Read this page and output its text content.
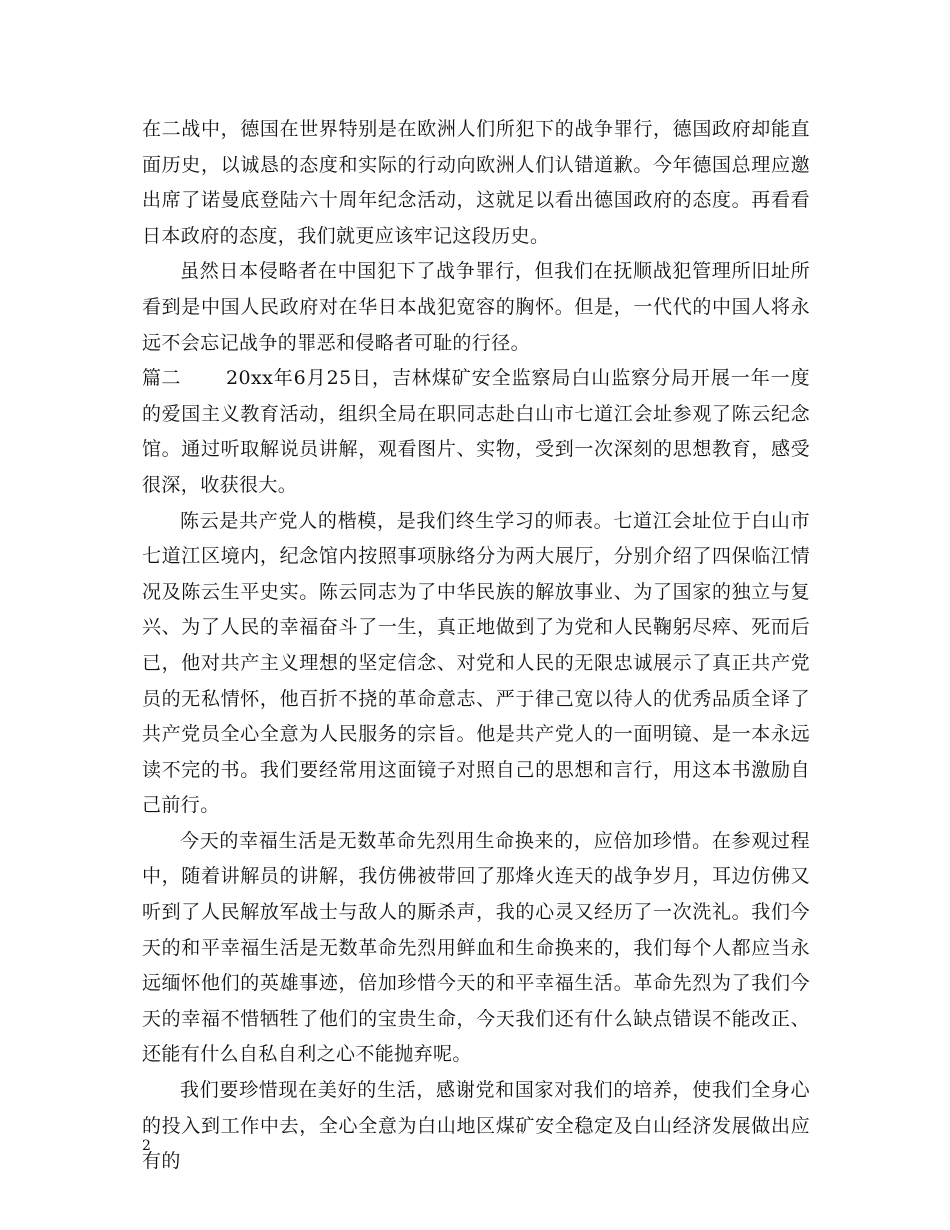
在二战中，德国在世界特别是在欧洲人们所犯下的战争罪行，德国政府却能直面历史，以诚恳的态度和实际的行动向欧洲人们认错道歉。今年德国总理应邀出席了诺曼底登陆六十周年纪念活动，这就足以看出德国政府的态度。再看看日本政府的态度，我们就更应该牢记这段历史。

虽然日本侵略者在中国犯下了战争罪行，但我们在抚顺战犯管理所旧址所看到是中国人民政府对在华日本战犯宽容的胸怀。但是，一代代的中国人将永远不会忘记战争的罪恶和侵略者可耻的行径。

篇二 20xx年6月25日，吉林煤矿安全监察局白山监察分局开展一年一度的爱国主义教育活动，组织全局在职同志赴白山市七道江会址参观了陈云纪念馆。通过听取解说员讲解，观看图片、实物，受到一次深刻的思想教育，感受很深，收获很大。

陈云是共产党人的楷模，是我们终生学习的师表。七道江会址位于白山市七道江区境内，纪念馆内按照事项脉络分为两大展厅，分别介绍了四保临江情况及陈云生平史实。陈云同志为了中华民族的解放事业、为了国家的独立与复兴、为了人民的幸福奋斗了一生，真正地做到了为党和人民鞠躬尽瘁、死而后已，他对共产主义理想的坚定信念、对党和人民的无限忠诚展示了真正共产党员的无私情怀，他百折不挠的革命意志、严于律己宽以待人的优秀品质全译了共产党员全心全意为人民服务的宗旨。他是共产党人的一面明镜、是一本永远读不完的书。我们要经常用这面镜子对照自己的思想和言行，用这本书激励自己前行。

今天的幸福生活是无数革命先烈用生命换来的，应倍加珍惜。在参观过程中，随着讲解员的讲解，我仿佛被带回了那烽火连天的战争岁月，耳边仿佛又听到了人民解放军战士与敌人的厮杀声，我的心灵又经历了一次洗礼。我们今天的和平幸福生活是无数革命先烈用鲜血和生命换来的，我们每个人都应当永远缅怀他们的英雄事迹，倍加珍惜今天的和平幸福生活。革命先烈为了我们今天的幸福不惜牺牲了他们的宝贵生命，今天我们还有什么缺点错误不能改正、还能有什么自私自利之心不能抛弃呢。

我们要珍惜现在美好的生活，感谢党和国家对我们的培养，使我们全身心的投入到工作中去，全心全意为白山地区煤矿安全稳定及白山经济发展做出应有的

2
